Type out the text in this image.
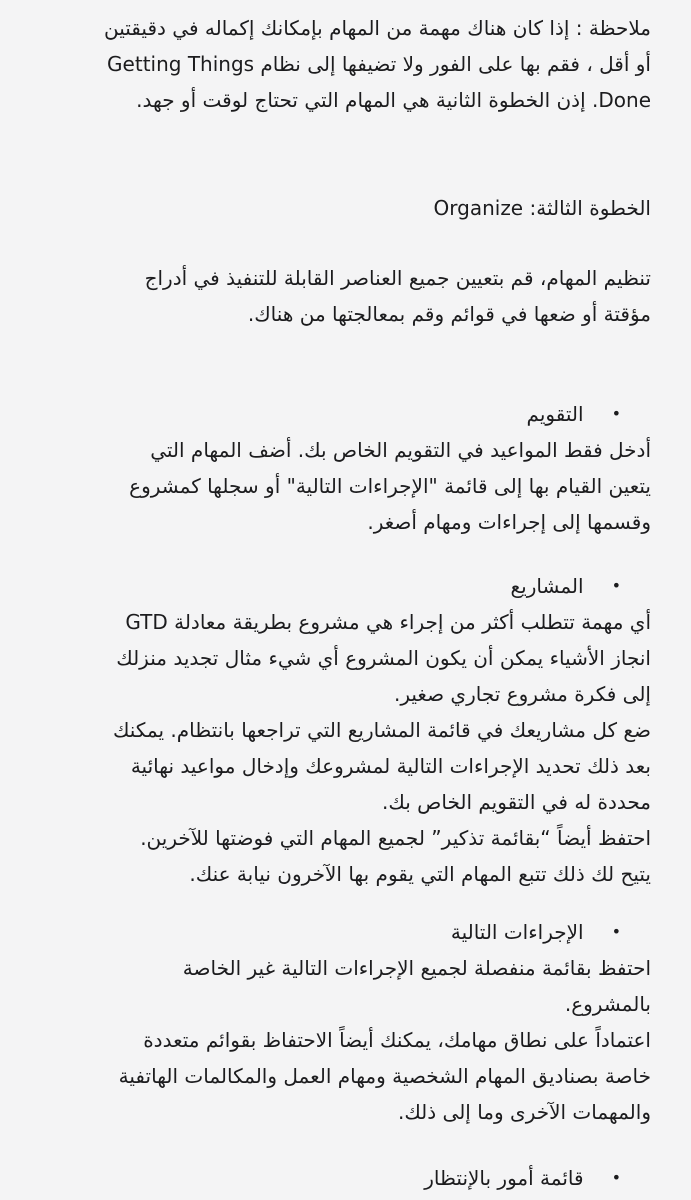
ملاحظة : إذا كان هناك مهمة من المهام بإمكانك إكماله في دقيقتين
أو أقل ، فقم بها على الفور ولا تضيفها إلى نظام Getting Things
Done. إذن الخطوة الثانية هي المهام التي تحتاج لوقت أو جهد.

الخطوة الثالثة: Organize

تنظيم المهام، قم بتعيين جميع العناصر القابلة للتنفيذ في أدراج
مؤقتة أو ضعها في قوائم وقم بمعالجتها من هناك.

•
التقويم

أدخل فقط المواعيد في التقويم الخاص بك. أضف المهام التي
يتعين القيام بها إلى قائمة "الإجراءات التالية" أو سجلها كمشروع
وقسمها إلى إجراءات ومهام أصغر.

•
المشاريع

أي مهمة تتطلب أكثر من إجراء هي مشروع بطريقة معادلة GTD
انجاز الأشياء يمكن أن يكون المشروع أي شيء مثال تجديد منزلك
إلى فكرة مشروع تجاري صغير.
ضع كل مشاريعك في قائمة المشاريع التي تراجعها بانتظام. يمكنك
بعد ذلك تحديد الإجراءات التالية لمشروعك وإدخال مواعيد نهائية
محددة له في التقويم الخاص بك.
احتفظ أيضاً “بقائمة تذكير” لجميع المهام التي فوضتها للآخرين.
يتيح لك ذلك تتبع المهام التي يقوم بها الآخرون نيابة عنك.

•
الإجراءات التالية

احتفظ بقائمة منفصلة لجميع الإجراءات التالية غير الخاصة
بالمشروع.
اعتماداً على نطاق مهامك، يمكنك أيضاً الاحتفاظ بقوائم متعددة
خاصة بصناديق المهام الشخصية ومهام العمل والمكالمات الهاتفية
والمهمات الآخرى وما إلى ذلك.

•
قائمة أمور بالإنتظار
